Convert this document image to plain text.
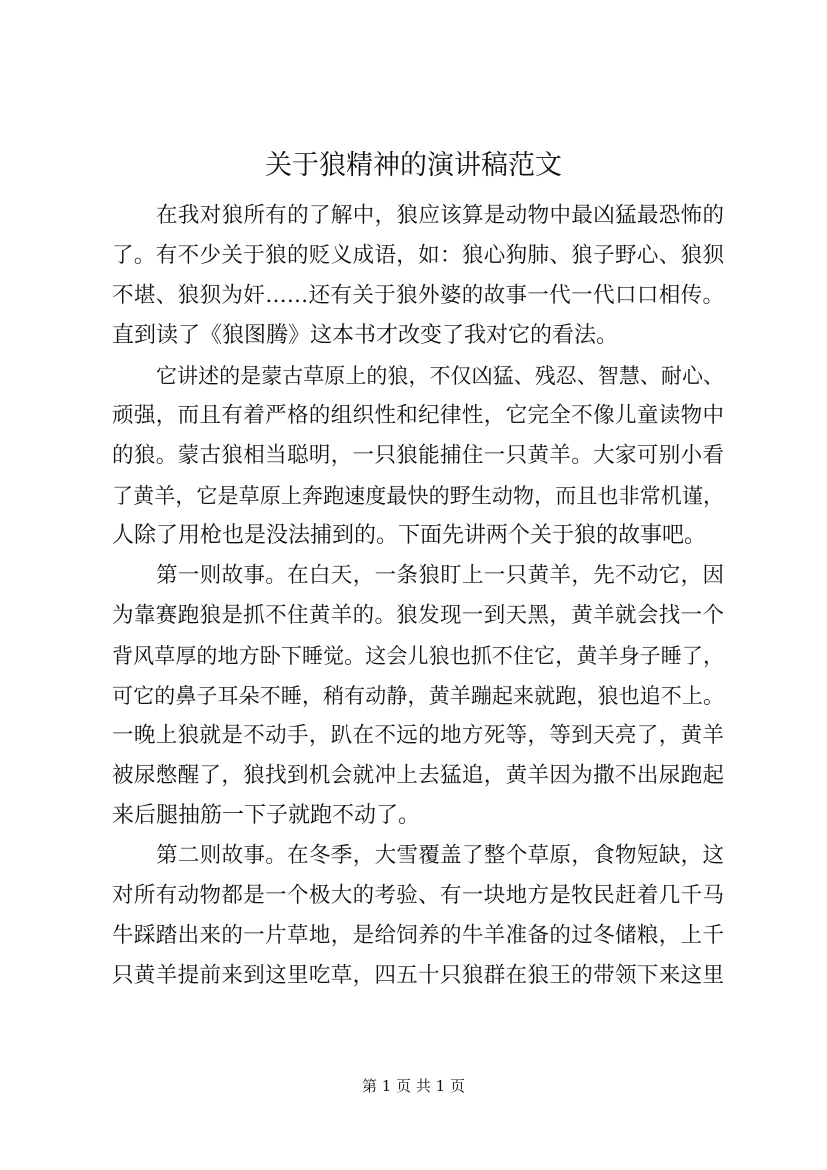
关于狼精神的演讲稿范文
在我对狼所有的了解中，狼应该算是动物中最凶猛最恐怖的
了。有不少关于狼的贬义成语，如：狼心狗肺、狼子野心、狼狈
不堪、狼狈为奸……还有关于狼外婆的故事一代一代口口相传。
直到读了《狼图腾》这本书才改变了我对它的看法。
它讲述的是蒙古草原上的狼，不仅凶猛、残忍、智慧、耐心、
顽强，而且有着严格的组织性和纪律性，它完全不像儿童读物中
的狼。蒙古狼相当聪明，一只狼能捕住一只黄羊。大家可别小看
了黄羊，它是草原上奔跑速度最快的野生动物，而且也非常机谨，
人除了用枪也是没法捕到的。下面先讲两个关于狼的故事吧。
第一则故事。在白天，一条狼盯上一只黄羊，先不动它，因
为靠赛跑狼是抓不住黄羊的。狼发现一到天黑，黄羊就会找一个
背风草厚的地方卧下睡觉。这会儿狼也抓不住它，黄羊身子睡了，
可它的鼻子耳朵不睡，稍有动静，黄羊蹦起来就跑，狼也追不上。
一晚上狼就是不动手，趴在不远的地方死等，等到天亮了，黄羊
被尿憋醒了，狼找到机会就冲上去猛追，黄羊因为撒不出尿跑起
来后腿抽筋一下子就跑不动了。
第二则故事。在冬季，大雪覆盖了整个草原，食物短缺，这
对所有动物都是一个极大的考验、有一块地方是牧民赶着几千马
牛踩踏出来的一片草地，是给饲养的牛羊准备的过冬储粮，上千
只黄羊提前来到这里吃草，四五十只狼群在狼王的带领下来这里
第 1 页 共 1 页
